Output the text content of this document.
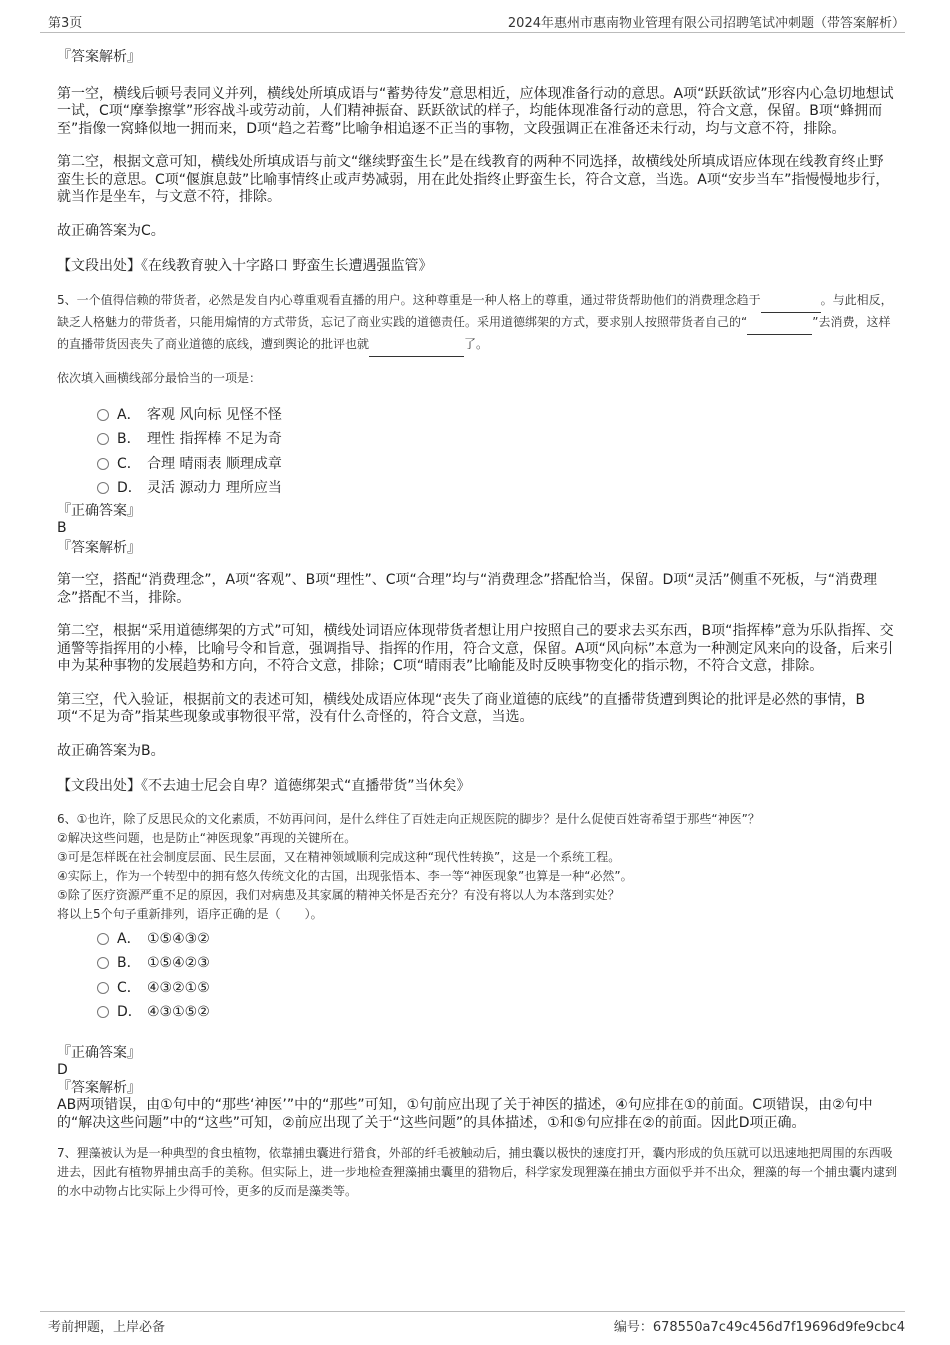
第3页	2024年惠州市惠南物业管理有限公司招聘笔试冲刺题（带答案解析）

『答案解析』

第一空，横线后顿号表同义并列，横线处所填成语与“蓄势待发”意思相近，应体现准备行动的意思。A项“跃跃欲试”形容内心急切地想试一试，C项“摩拳擦掌”形容战斗或劳动前，人们精神振奋、跃跃欲试的样子，均能体现准备行动的意思，符合文意，保留。B项“蜂拥而至”指像一窝蜂似地一拥而来，D项“趋之若鹜”比喻争相追逐不正当的事物，文段强调正在准备还未行动，均与文意不符，排除。

第二空，根据文意可知，横线处所填成语与前文“继续野蛮生长”是在线教育的两种不同选择，故横线处所填成语应体现在线教育终止野蛮生长的意思。C项“偃旗息鼓”比喻事情终止或声势减弱，用在此处指终止野蛮生长，符合文意，当选。A项“安步当车”指慢慢地步行，就当作是坐车，与文意不符，排除。

故正确答案为C。

【文段出处】《在线教育驶入十字路口 野蛮生长遭遇强监管》

5、一个值得信赖的带货者，必然是发自内心尊重观看直播的用户。这种尊重是一种人格上的尊重，通过带货帮助他们的消费理念趋于	。与此相反，缺乏人格魅力的带货者，只能用煽情的方式带货，忘记了商业实践的道德责任。采用道德绑架的方式，要求别人按照带货者自己的“	”去消费，这样的直播带货因丧失了商业道德的底线，遭到舆论的批评也就	了。

依次填入画横线部分最恰当的一项是：

A． 客观 风向标 见怪不怪
B． 理性 指挥棒 不足为奇
C． 合理 晴雨表 顺理成章
D． 灵活 源动力 理所应当

『正确答案』

B

『答案解析』

第一空，搭配“消费理念”，A项“客观”、B项“理性”、C项“合理”均与“消费理念”搭配恰当，保留。D项“灵活”侧重不死板，与“消费理念”搭配不当，排除。

第二空，根据“采用道德绑架的方式”可知，横线处词语应体现带货者想让用户按照自己的要求去买东西，B项“指挥棒”意为乐队指挥、交通警等指挥用的小棒，比喻号令和旨意，强调指导、指挥的作用，符合文意，保留。A项“风向标”本意为一种测定风来向的设备，后来引申为某种事物的发展趋势和方向，不符合文意，排除；C项“晴雨表”比喻能及时反映事物变化的指示物，不符合文意，排除。

第三空，代入验证，根据前文的表述可知，横线处成语应体现“丧失了商业道德的底线”的直播带货遭到舆论的批评是必然的事情，B项“不足为奇”指某些现象或事物很平常，没有什么奇怪的，符合文意，当选。

故正确答案为B。

【文段出处】《不去迪士尼会自卑？道德绑架式“直播带货”当休矣》

6、①也许，除了反思民众的文化素质，不妨再问问，是什么绊住了百姓走向正规医院的脚步？是什么促使百姓寄希望于那些“神医”？

②解决这些问题，也是防止“神医现象”再现的关键所在。

③可是怎样既在社会制度层面、民生层面，又在精神领域顺利完成这种“现代性转换”，这是一个系统工程。

④实际上，作为一个转型中的拥有悠久传统文化的古国，出现张悟本、李一等“神医现象”也算是一种“必然”。

⑤除了医疗资源严重不足的原因，我们对病患及其家属的精神关怀是否充分？有没有将以人为本落到实处？

将以上5个句子重新排列，语序正确的是（　　）。

A． ①⑤④③②
B． ①⑤④②③
C． ④③②①⑤
D． ④③①⑤②

『正确答案』

D

『答案解析』

AB两项错误，由①句中的“那些‘神医’”中的“那些”可知，①句前应出现了关于神医的描述，④句应排在①的前面。C项错误，由②句中的“解决这些问题”中的“这些”可知，②前应出现了关于“这些问题”的具体描述，①和⑤句应排在②的前面。因此D项正确。

7、狸藻被认为是一种典型的食虫植物，依靠捕虫囊进行猎食，外部的纤毛被触动后，捕虫囊以极快的速度打开，囊内形成的负压就可以迅速地把周围的东西吸进去，因此有植物界捕虫高手的美称。但实际上，进一步地检查狸藻捕虫囊里的猎物后，科学家发现狸藻在捕虫方面似乎并不出众，狸藻的每一个捕虫囊内逮到的水中动物占比实际上少得可怜，更多的反而是藻类等。

考前押题，上岸必备	编号：678550a7c49c456d7f19696d9fe9cbc4
